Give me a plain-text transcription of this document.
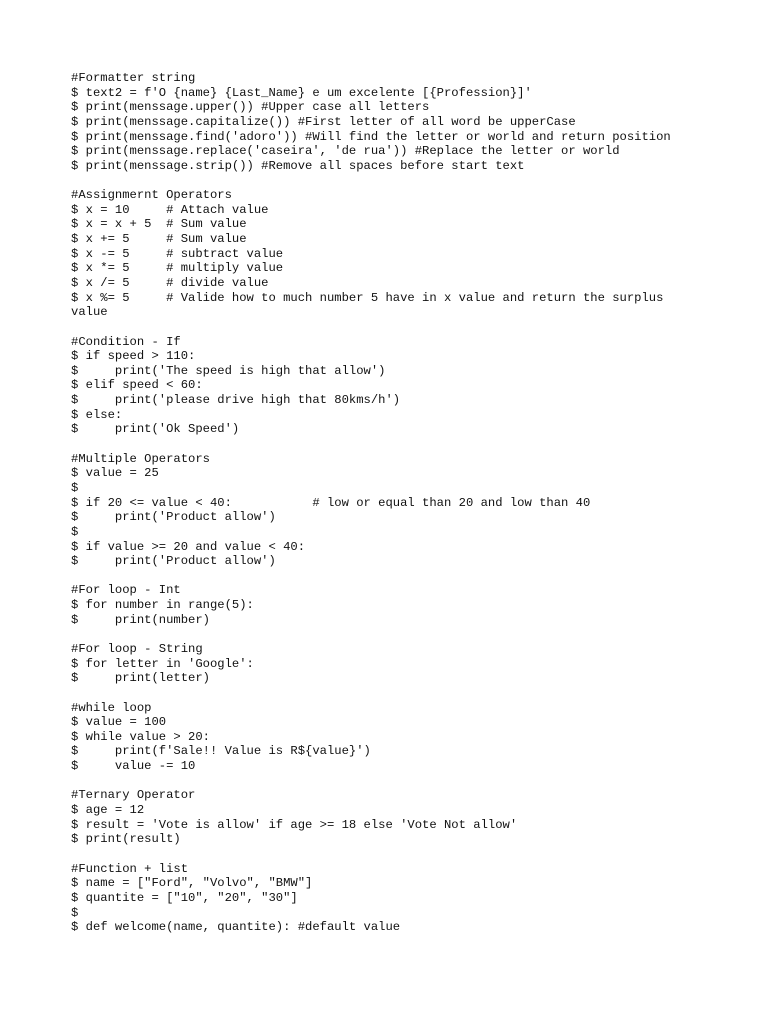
#Formatter string
$ text2 = f'O {name} {Last_Name} e um excelente [{Profession}]'
$ print(menssage.upper()) #Upper case all letters
$ print(menssage.capitalize()) #First letter of all word be upperCase
$ print(menssage.find('adoro')) #Will find the letter or world and return position
$ print(menssage.replace('caseira', 'de rua')) #Replace the letter or world
$ print(menssage.strip()) #Remove all spaces before start text
#Assignmernt Operators
$ x = 10     # Attach value
$ x = x + 5  # Sum value
$ x += 5     # Sum value
$ x -= 5     # subtract value
$ x *= 5     # multiply value
$ x /= 5     # divide value
$ x %= 5     # Valide how to much number 5 have in x value and return the surplus
value
#Condition - If
$ if speed > 110:
$     print('The speed is high that allow')
$ elif speed < 60:
$     print('please drive high that 80kms/h')
$ else:
$     print('Ok Speed')
#Multiple Operators
$ value = 25
$
$ if 20 <= value < 40:           # low or equal than 20 and low than 40
$     print('Product allow')
$
$ if value >= 20 and value < 40:
$     print('Product allow')
#For loop - Int
$ for number in range(5):
$     print(number)
#For loop - String
$ for letter in 'Google':
$     print(letter)
#while loop
$ value = 100
$ while value > 20:
$     print(f'Sale!! Value is R${value}')
$     value -= 10
#Ternary Operator
$ age = 12
$ result = 'Vote is allow' if age >= 18 else 'Vote Not allow'
$ print(result)
#Function + list
$ name = ["Ford", "Volvo", "BMW"]
$ quantite = ["10", "20", "30"]
$
$ def welcome(name, quantite): #default value
